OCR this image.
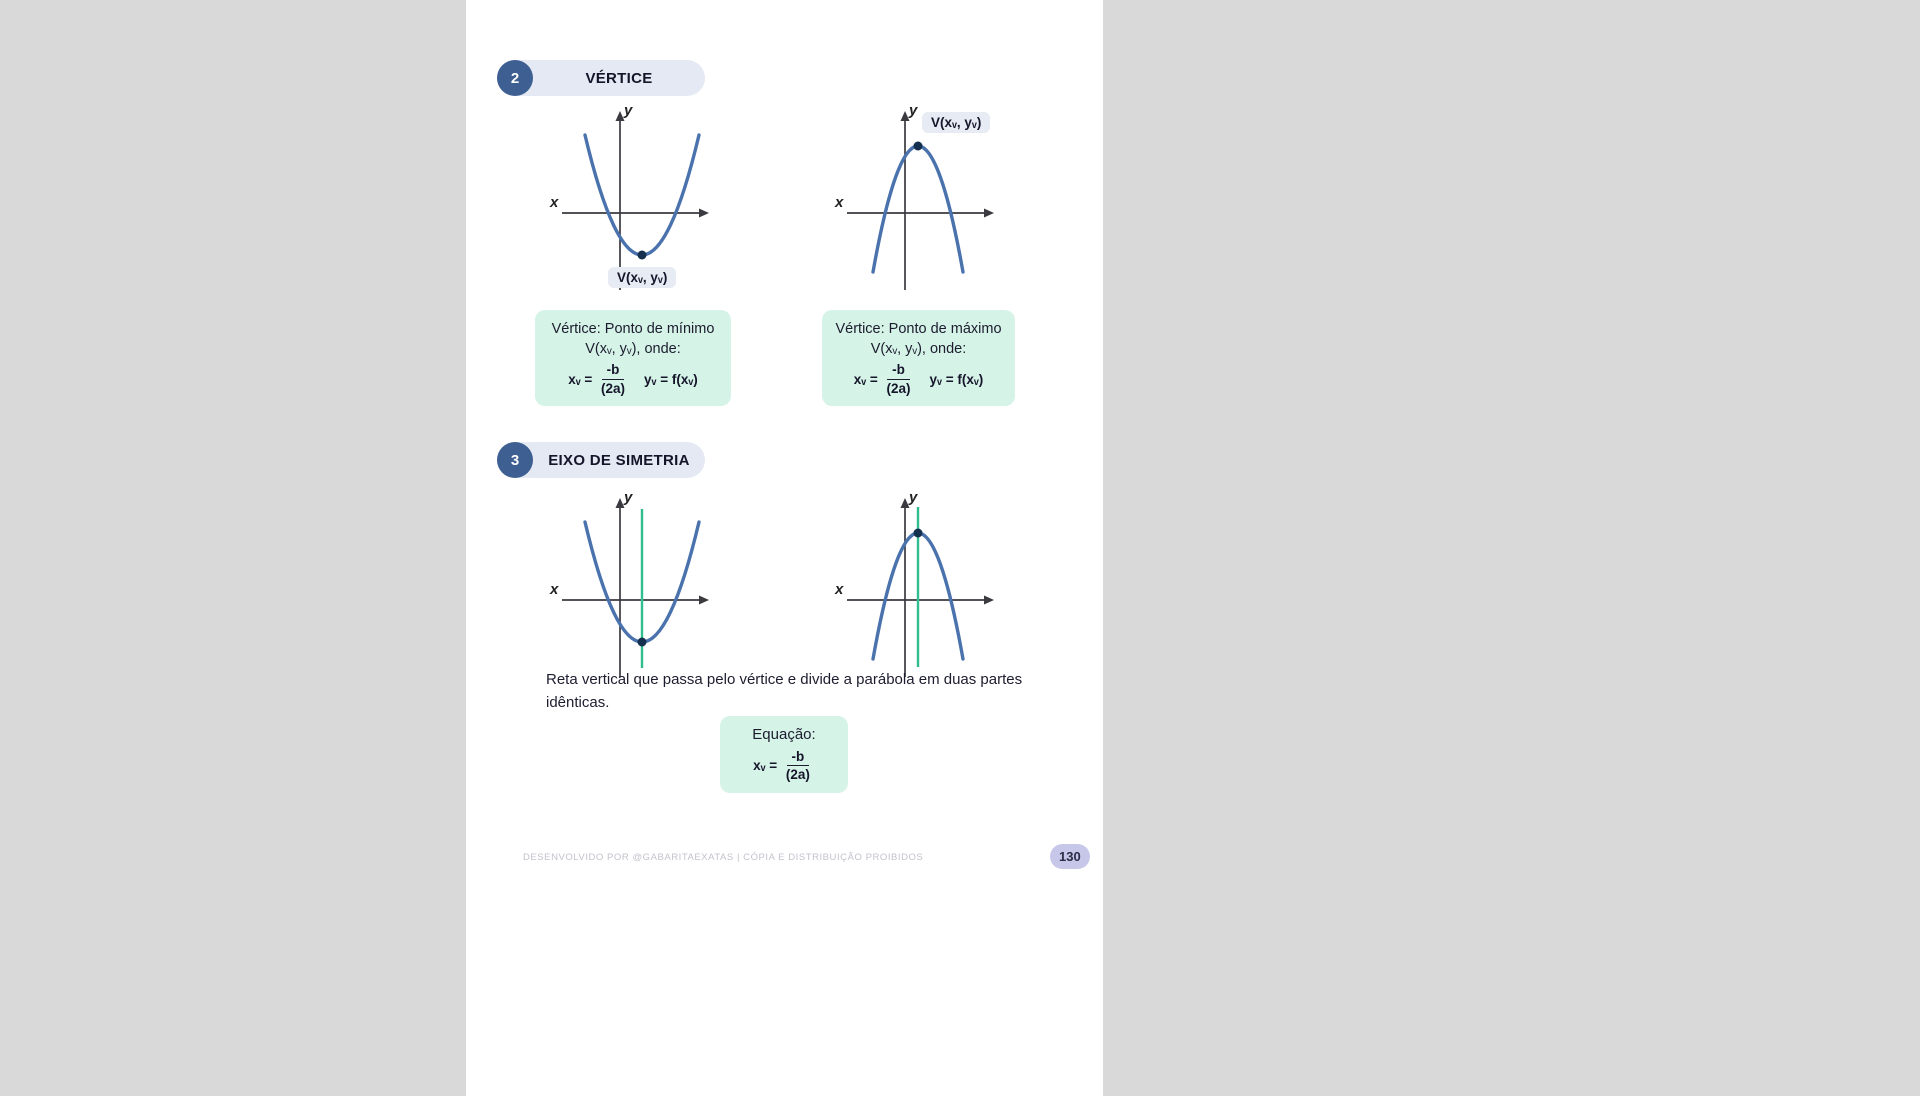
2	VÉRTICE
y
x
V(xᵥ, yᵥ)
y
x
V(xᵥ, yᵥ)
Vértice: Ponto de mínimo
V(xᵥ, yᵥ), onde:
xᵥ = $\frac{-b}{(2a)}$ yᵥ = f(xᵥ)
Vértice: Ponto de máximo
V(xᵥ, yᵥ), onde:
xᵥ = $\frac{-b}{(2a)}$ yᵥ = f(xᵥ)
3	EIXO DE SIMETRIA
y
x
y
x
Reta vertical que passa pelo vértice e divide a parábola em duas partes idênticas.
Equação:
xᵥ = $\frac{-b}{(2a)}$
DESENVOLVIDO POR @GABARITAEXATAS | CÓPIA E DISTRIBUIÇÃO PROIBIDOS	130
